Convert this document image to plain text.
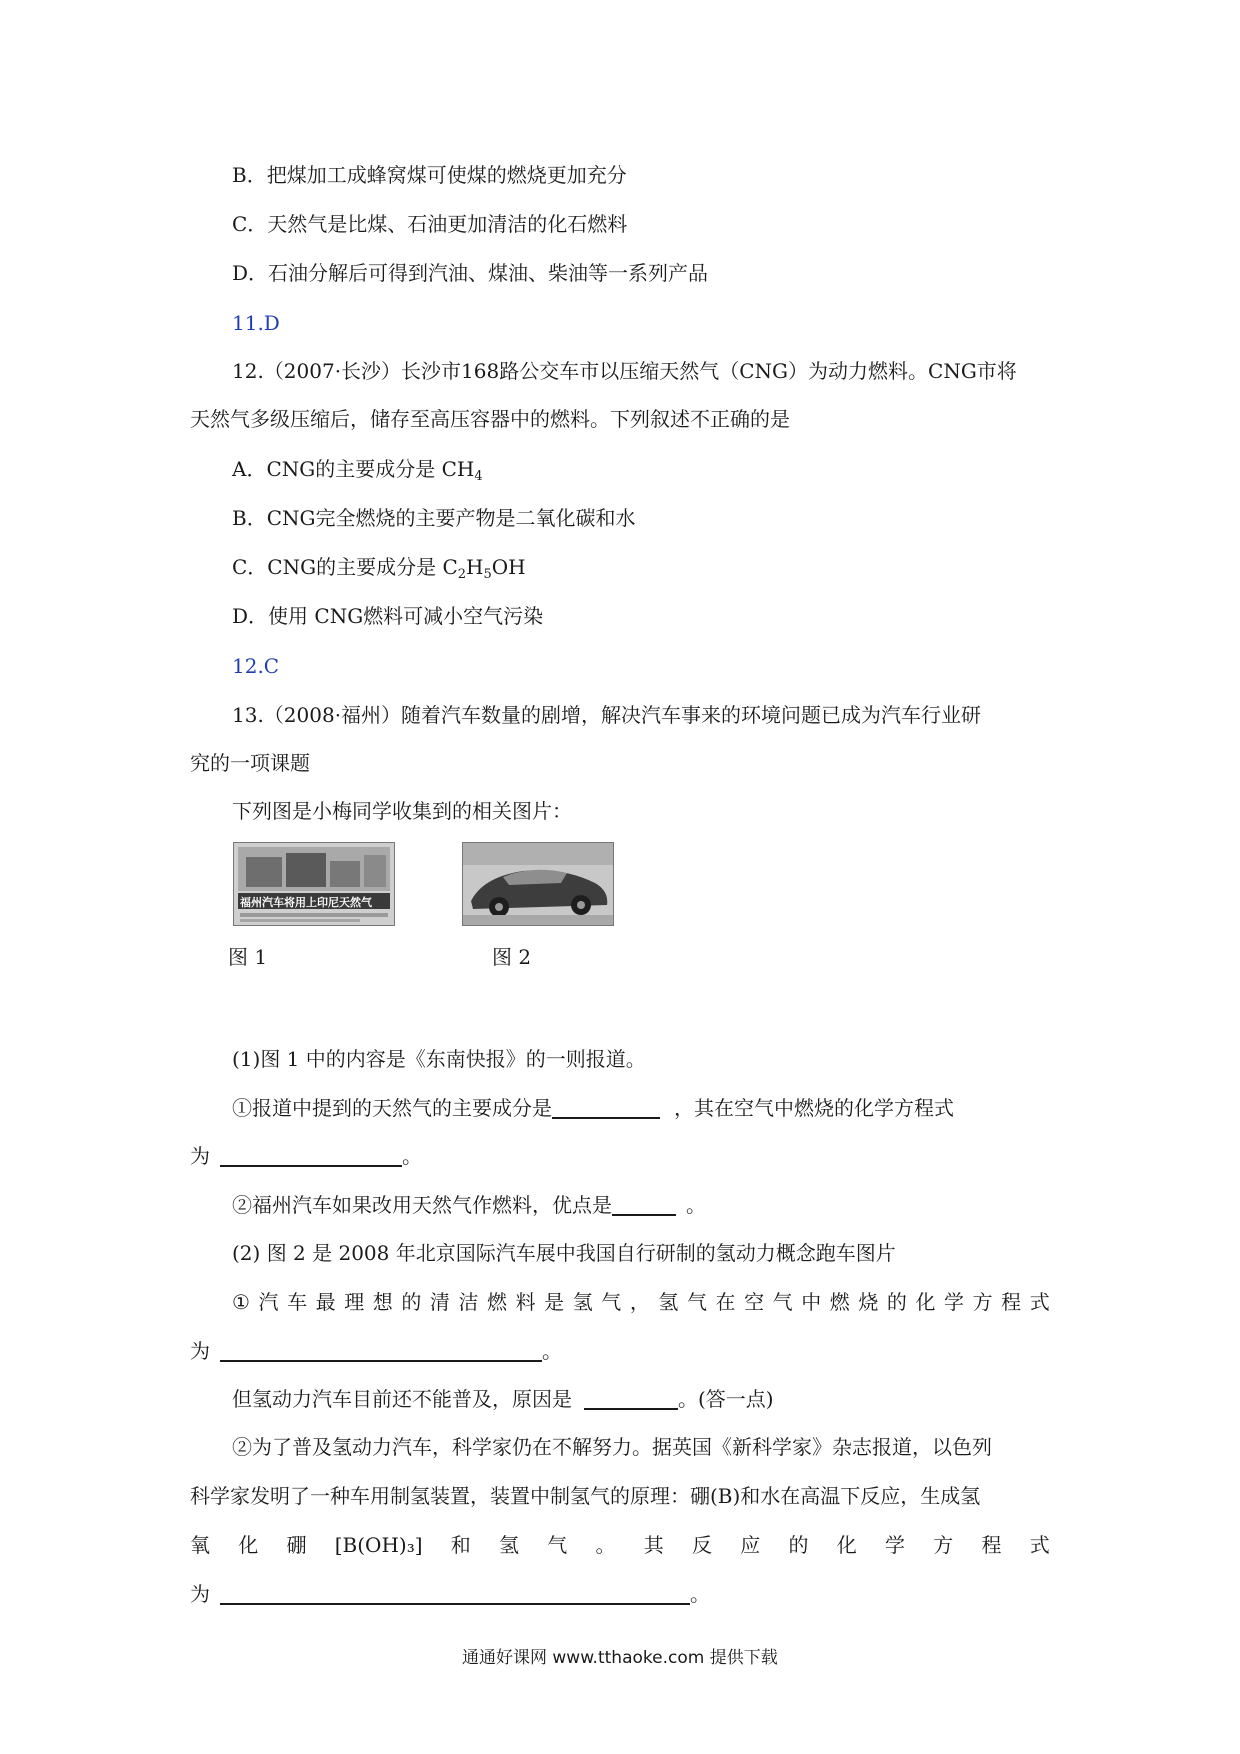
B．把煤加工成蜂窝煤可使煤的燃烧更加充分
C．天然气是比煤、石油更加清洁的化石燃料
D．石油分解后可得到汽油、煤油、柴油等一系列产品
11.D
12.（2007·长沙）长沙市168路公交车市以压缩天然气（CNG）为动力燃料。CNG市将
天然气多级压缩后，储存至高压容器中的燃料。下列叙述不正确的是
A．CNG的主要成分是 $CH_4$
B．CNG完全燃烧的主要产物是二氧化碳和水
C．CNG的主要成分是 $C_2H_5OH$
D．使用 CNG燃料可减小空气污染
12.C
13.（2008·福州）随着汽车数量的剧增，解决汽车事来的环境问题已成为汽车行业研
究的一项课题
下列图是小梅同学收集到的相关图片：
福州汽车将用上印尼天然气
图 1	图 2
(1)图 1 中的内容是《东南快报》的一则报道。
①报道中提到的天然气的主要成分是	，其在空气中燃烧的化学方程式
为	。
②福州汽车如果改用天然气作燃料，优点是	。
(2) 图 2 是 2008 年北京国际汽车展中我国自行研制的氢动力概念跑车图片
① 汽 车 最 理 想 的 清 洁 燃 料 是 氢 气 ， 氢 气 在 空 气 中 燃 烧 的 化 学 方 程 式
为	。
但氢动力汽车目前还不能普及，原因是	。(答一点)
②为了普及氢动力汽车，科学家仍在不解努力。据英国《新科学家》杂志报道，以色列
科学家发明了一种车用制氢装置，装置中制氢气的原理：硼(B)和水在高温下反应，生成氢
氧 化 硼 [B(OH)₃] 和 氢 气 。 其 反 应 的 化 学 方 程 式
为	。
通通好课网 www.tthaoke.com 提供下载
